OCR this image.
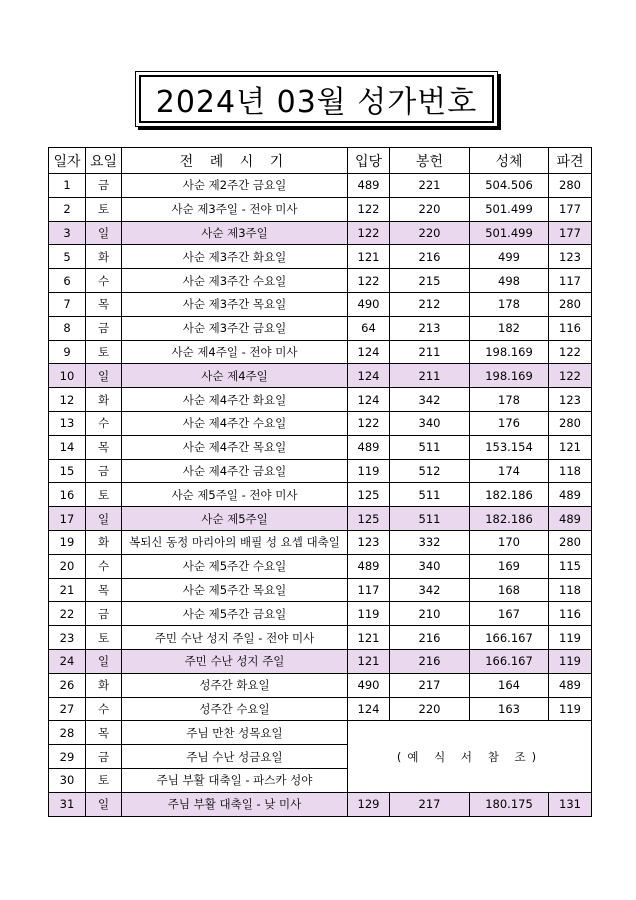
2024년 03월 성가번호
일자	요일	전 례 시 기	입당	봉헌	성체	파견
1	금	사순 제2주간 금요일	489	221	504.506	280
2	토	사순 제3주일 - 전야 미사	122	220	501.499	177
3	일	사순 제3주일	122	220	501.499	177
5	화	사순 제3주간 화요일	121	216	499	123
6	수	사순 제3주간 수요일	122	215	498	117
7	목	사순 제3주간 목요일	490	212	178	280
8	금	사순 제3주간 금요일	64	213	182	116
9	토	사순 제4주일 - 전야 미사	124	211	198.169	122
10	일	사순 제4주일	124	211	198.169	122
12	화	사순 제4주간 화요일	124	342	178	123
13	수	사순 제4주간 수요일	122	340	176	280
14	목	사순 제4주간 목요일	489	511	153.154	121
15	금	사순 제4주간 금요일	119	512	174	118
16	토	사순 제5주일 - 전야 미사	125	511	182.186	489
17	일	사순 제5주일	125	511	182.186	489
19	화	복되신 동정 마리아의 배필 성 요셉 대축일	123	332	170	280
20	수	사순 제5주간 수요일	489	340	169	115
21	목	사순 제5주간 목요일	117	342	168	118
22	금	사순 제5주간 금요일	119	210	167	116
23	토	주민 수난 성지 주일 - 전야 미사	121	216	166.167	119
24	일	주민 수난 성지 주일	121	216	166.167	119
26	화	성주간 화요일	490	217	164	489
27	수	성주간 수요일	124	220	163	119
28	목	주님 만찬 성목요일	(예 식 서 참 조)			
29	금	주님 수난 성금요일				
30	토	주님 부활 대축일 - 파스카 성야				
31	일	주님 부활 대축일 - 낮 미사	129	217	180.175	131
